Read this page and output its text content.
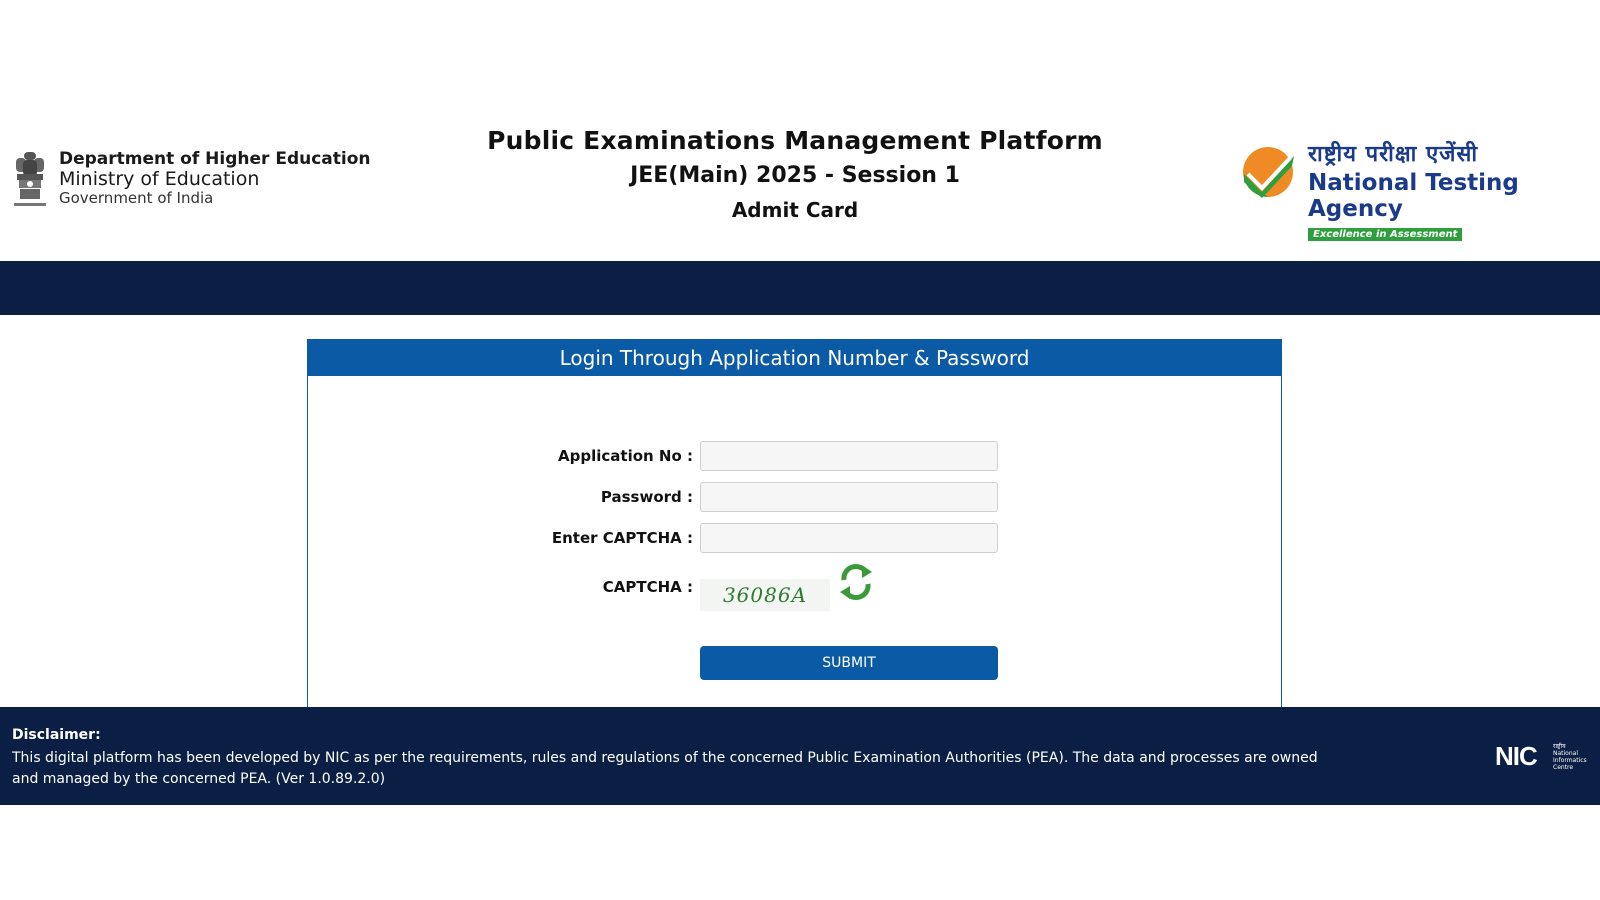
Department of Higher Education
Ministry of Education
Government of India
Public Examinations Management Platform
JEE(Main) 2025 - Session 1
Admit Card
राष्ट्रीय परीक्षा एजेंसी
National Testing Agency
Excellence in Assessment
Login Through Application Number & Password
Application No :
Password :
Enter CAPTCHA :
CAPTCHA :	36086A
SUBMIT
Disclaimer:
This digital platform has been developed by NIC as per the requirements, rules and regulations of the concerned Public Examination Authorities (PEA). The data and processes are owned and managed by the concerned PEA. (Ver 1.0.89.2.0)
NIC	राष्ट्रीय National Informatics Centre
